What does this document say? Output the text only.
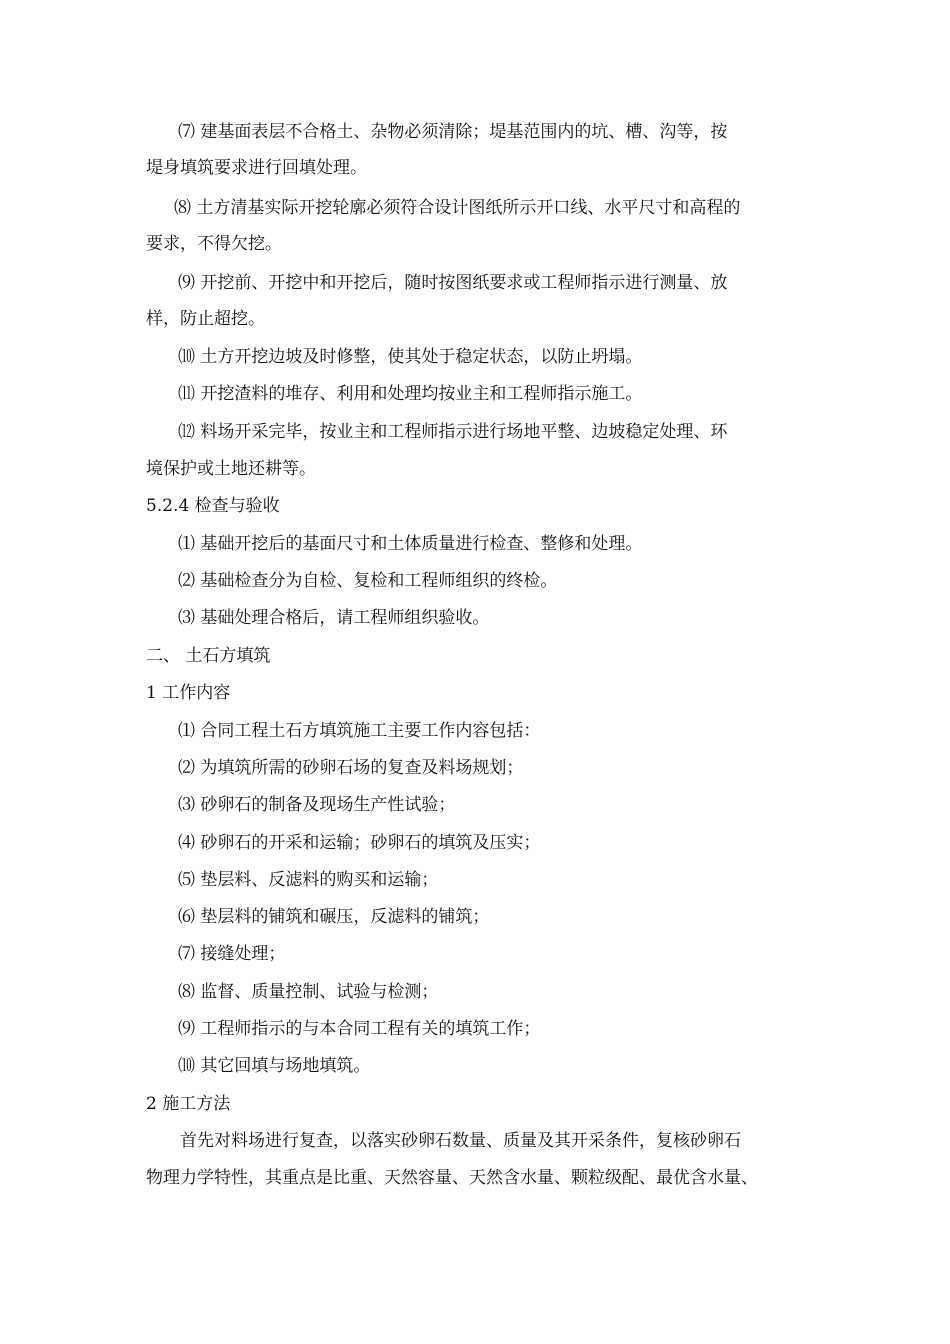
⑺ 建基面表层不合格土、杂物必须清除；堤基范围内的坑、槽、沟等，按

堤身填筑要求进行回填处理。

⑻ 土方清基实际开挖轮廓必须符合设计图纸所示开口线、水平尺寸和高程的

要求，不得欠挖。

⑼ 开挖前、开挖中和开挖后，随时按图纸要求或工程师指示进行测量、放

样，防止超挖。

⑽ 土方开挖边坡及时修整，使其处于稳定状态，以防止坍塌。

⑾ 开挖渣料的堆存、利用和处理均按业主和工程师指示施工。

⑿ 料场开采完毕，按业主和工程师指示进行场地平整、边坡稳定处理、环

境保护或土地还耕等。

5.2.4 检查与验收

⑴ 基础开挖后的基面尺寸和土体质量进行检查、整修和处理。

⑵ 基础检查分为自检、复检和工程师组织的终检。

⑶ 基础处理合格后，请工程师组织验收。

二、 土石方填筑

1 工作内容

⑴ 合同工程土石方填筑施工主要工作内容包括：

⑵ 为填筑所需的砂卵石场的复查及料场规划；

⑶ 砂卵石的制备及现场生产性试验；

⑷ 砂卵石的开采和运输；砂卵石的填筑及压实；

⑸ 垫层料、反滤料的购买和运输；

⑹ 垫层料的铺筑和碾压，反滤料的铺筑；

⑺ 接缝处理；

⑻ 监督、质量控制、试验与检测；

⑼ 工程师指示的与本合同工程有关的填筑工作；

⑽ 其它回填与场地填筑。

2 施工方法

首先对料场进行复查，以落实砂卵石数量、质量及其开采条件，复核砂卵石

物理力学特性，其重点是比重、天然容量、天然含水量、颗粒级配、最优含水量、
